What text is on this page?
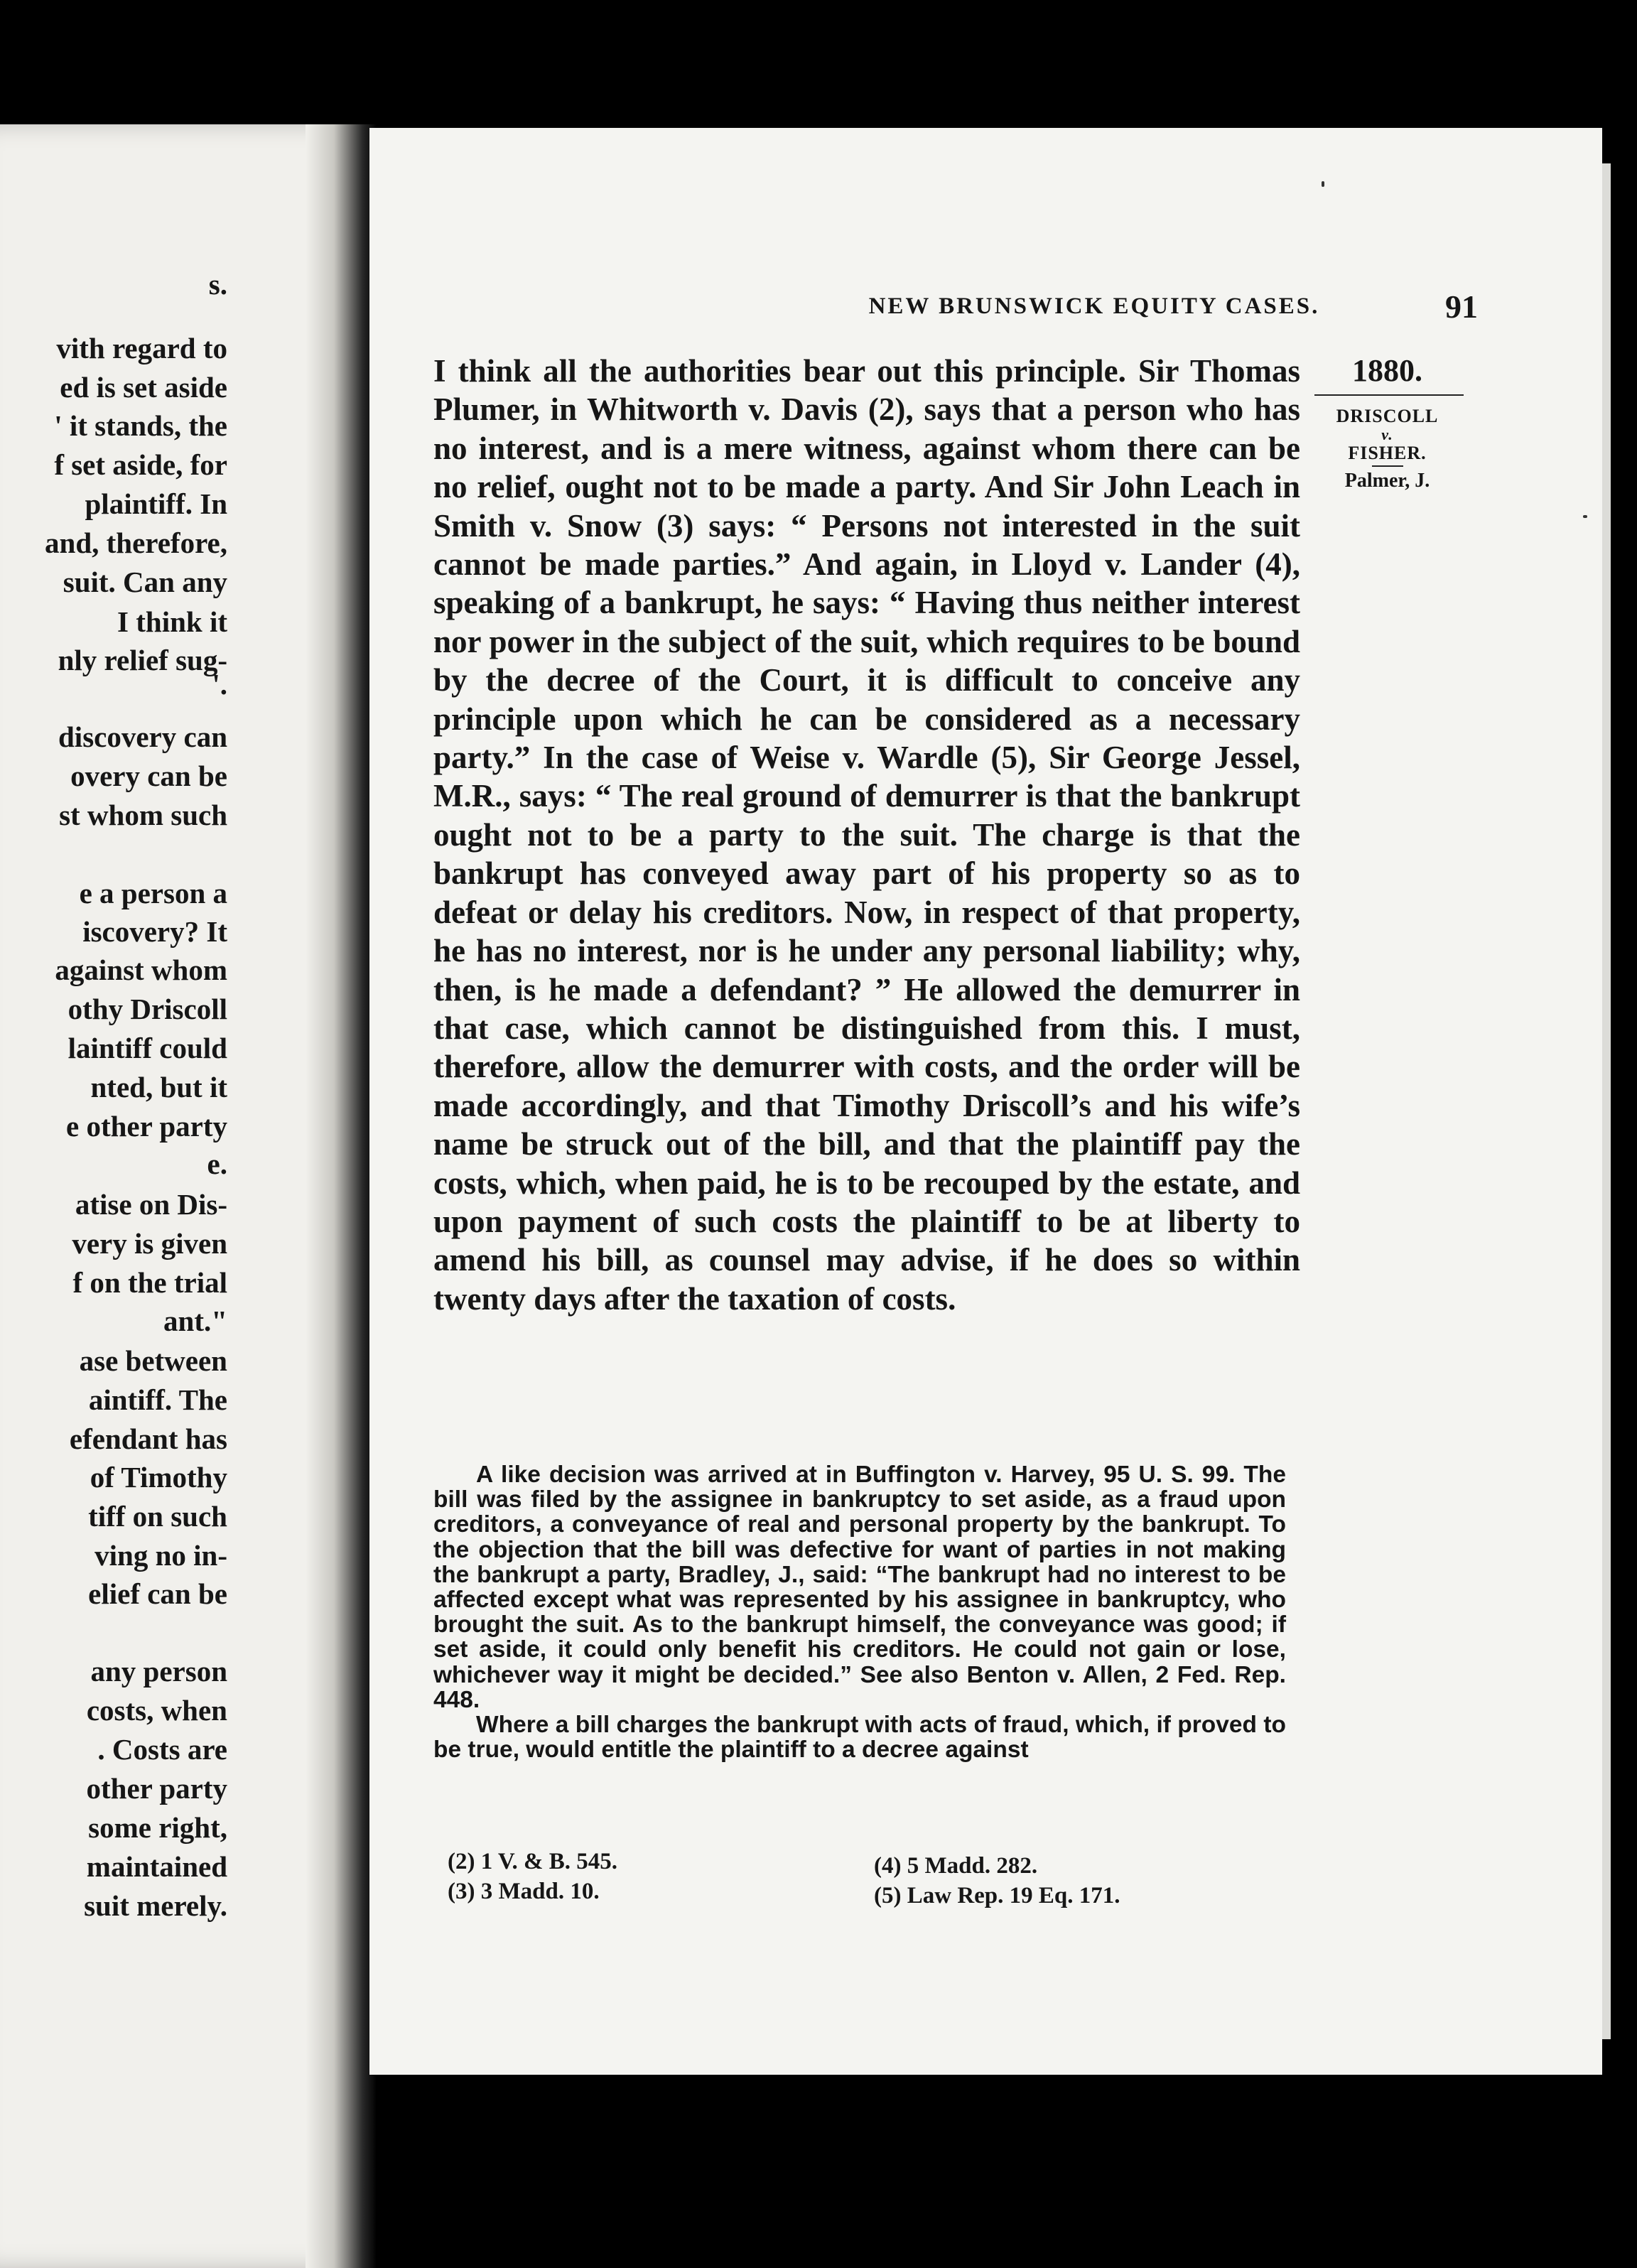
s.
vith regard to
ed is set aside
' it stands, the
f set aside, for
plaintiff. In
and, therefore,
suit. Can any
I think it
nly relief sug-
'.
discovery can
overy can be
st whom such
e a person a
iscovery? It
against whom
othy Driscoll
laintiff could
nted, but it
e other party
e.
atise on Dis-
very is given
f on the trial
ant."
ase between
aintiff. The
efendant has
of Timothy
tiff on such
ving no in-
elief can be
any person
costs, when
. Costs are
other party
some right,
maintained
suit merely.
NEW BRUNSWICK EQUITY CASES.	91

I think all the authorities bear out this principle. Sir Thomas Plumer, in Whitworth v. Davis (2), says that a person who has no interest, and is a mere witness, against whom there can be no relief, ought not to be made a party. And Sir John Leach in Smith v. Snow (3) says: “ Persons not interested in the suit cannot be made parties.” And again, in Lloyd v. Lander (4), speaking of a bankrupt, he says: “ Having thus neither interest nor power in the subject of the suit, which requires to be bound by the decree of the Court, it is difficult to conceive any principle upon which he can be considered as a necessary party.” In the case of Weise v. Wardle (5), Sir George Jessel, M.R., says: “ The real ground of demurrer is that the bankrupt ought not to be a party to the suit. The charge is that the bankrupt has conveyed away part of his property so as to defeat or delay his creditors. Now, in respect of that property, he has no interest, nor is he under any personal liability; why, then, is he made a defendant? ” He allowed the demurrer in that case, which cannot be distinguished from this. I must, therefore, allow the demurrer with costs, and the order will be made accordingly, and that Timothy Driscoll’s and his wife’s name be struck out of the bill, and that the plaintiff pay the costs, which, when paid, he is to be recouped by the estate, and upon payment of such costs the plaintiff to be at liberty to amend his bill, as counsel may advise, if he does so within twenty days after the taxation of costs.

1880.
DRISCOLL
v.
FISHER.
Palmer, J.

A like decision was arrived at in Buffington v. Harvey, 95 U. S. 99. The bill was filed by the assignee in bankruptcy to set aside, as a fraud upon creditors, a conveyance of real and personal property by the bankrupt. To the objection that the bill was defective for want of parties in not making the bankrupt a party, Bradley, J., said: “The bankrupt had no interest to be affected except what was represented by his assignee in bankruptcy, who brought the suit. As to the bankrupt himself, the conveyance was good; if set aside, it could only benefit his creditors. He could not gain or lose, whichever way it might be decided.” See also Benton v. Allen, 2 Fed. Rep. 448.

Where a bill charges the bankrupt with acts of fraud, which, if proved to be true, would entitle the plaintiff to a decree against

(2) 1 V. & B. 545.
(3) 3 Madd. 10.
(4) 5 Madd. 282.
(5) Law Rep. 19 Eq. 171.
